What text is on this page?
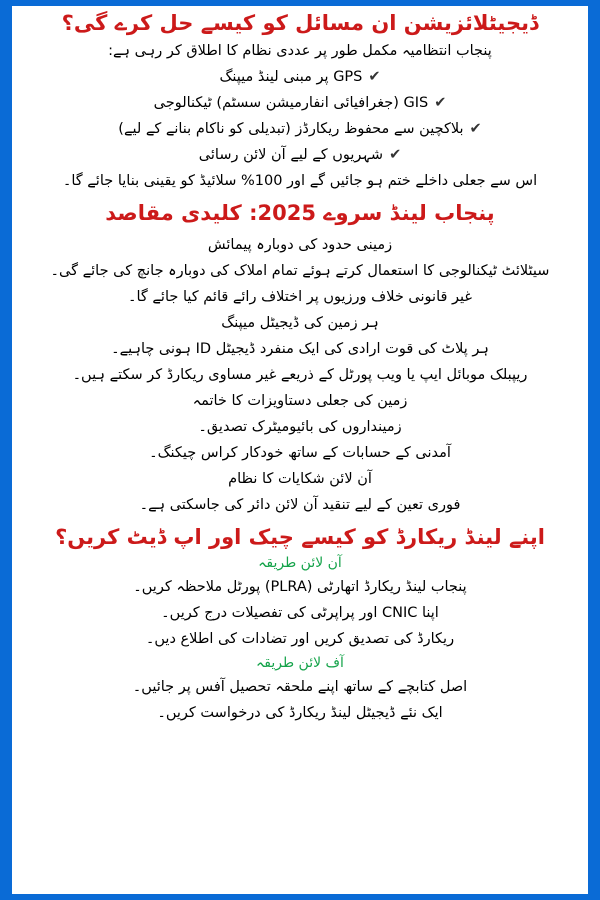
ڈیجیٹلائزیشن ان مسائل کو کیسے حل کرے گی؟

پنجاب انتظامیہ مکمل طور پر عددی نظام کا اطلاق کر رہی ہے:

✔GPS پر مبنی لینڈ میپنگ

✔GIS (جغرافیائی انفارمیشن سسٹم) ٹیکنالوجی

✔بلاکچین سے محفوظ ریکارڈز (تبدیلی کو ناکام بنانے کے لیے)

✔شہریوں کے لیے آن لائن رسائی

اس سے جعلی داخلے ختم ہو جائیں گے اور 100% سلائیڈ کو یقینی بنایا جائے گا۔

پنجاب لینڈ سروے 2025: کلیدی مقاصد

زمینی حدود کی دوبارہ پیمائش

سیٹلائٹ ٹیکنالوجی کا استعمال کرتے ہوئے تمام املاک کی دوبارہ جانچ کی جائے گی۔

غیر قانونی خلاف ورزیوں پر اختلاف رائے قائم کیا جائے گا۔

ہر زمین کی ڈیجیٹل میپنگ

ہر پلاٹ کی قوت ارادی کی ایک منفرد ڈیجیٹل ID ہونی چاہیے۔

ریپبلک موبائل ایپ یا ویب پورٹل کے ذریعے غیر مساوی ریکارڈ کر سکتے ہیں۔

زمین کی جعلی دستاویزات کا خاتمہ

زمینداروں کی بائیومیٹرک تصدیق۔

آمدنی کے حسابات کے ساتھ خودکار کراس چیکنگ۔

آن لائن شکایات کا نظام

فوری تعین کے لیے تنقید آن لائن دائر کی جاسکتی ہے۔

اپنے لینڈ ریکارڈ کو کیسے چیک اور اپ ڈیٹ کریں؟

آن لائن طریقہ

پنجاب لینڈ ریکارڈ اتھارٹی (PLRA) پورٹل ملاحظہ کریں۔

اپنا CNIC اور پراپرٹی کی تفصیلات درج کریں۔

ریکارڈ کی تصدیق کریں اور تضادات کی اطلاع دیں۔

آف لائن طریقہ

اصل کتابچے کے ساتھ اپنے ملحقہ تحصیل آفس پر جائیں۔

ایک نئے ڈیجیٹل لینڈ ریکارڈ کی درخواست کریں۔
